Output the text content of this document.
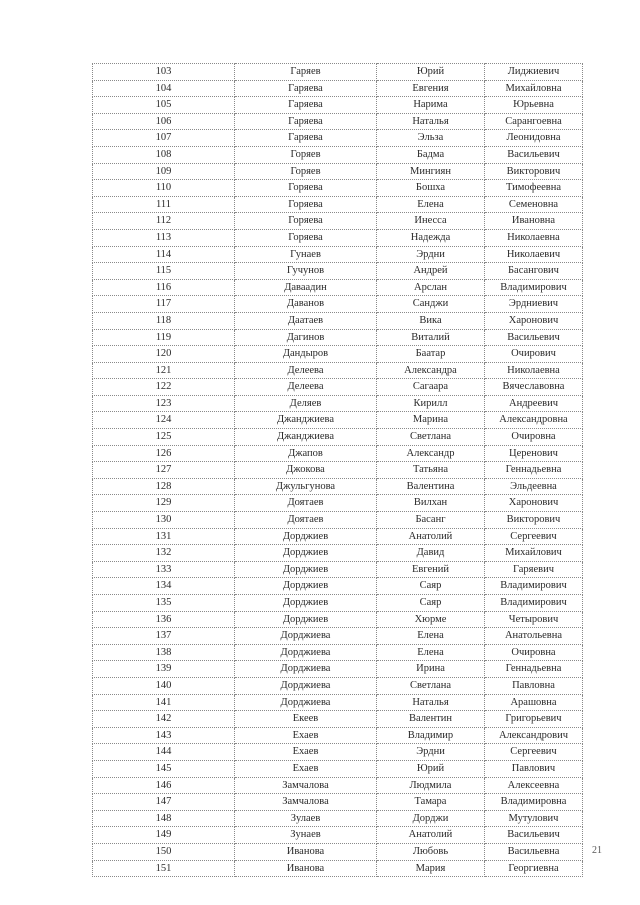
103	Гаряев	Юрий	Лиджиевич
104	Гаряева	Евгения	Михайловна
105	Гаряева	Нарима	Юрьевна
106	Гаряева	Наталья	Сарангоевна
107	Гаряева	Эльза	Леонидовна
108	Горяев	Бадма	Васильевич
109	Горяев	Мингиян	Викторович
110	Горяева	Бошха	Тимофеевна
111	Горяева	Елена	Семеновна
112	Горяева	Инесса	Ивановна
113	Горяева	Надежда	Николаевна
114	Гунаев	Эрдни	Николаевич
115	Гучунов	Андрей	Басангович
116	Даваадин	Арслан	Владимирович
117	Даванов	Санджи	Эрдниевич
118	Даатаев	Вика	Харонович
119	Дагинов	Виталий	Васильевич
120	Дандыров	Баатар	Очирович
121	Делеева	Александра	Николаевна
122	Делеева	Сагаара	Вячеславовна
123	Деляев	Кирилл	Андреевич
124	Джанджиева	Марина	Александровна
125	Джанджиева	Светлана	Очировна
126	Джапов	Александр	Церенович
127	Джокова	Татьяна	Геннадьевна
128	Джульгунова	Валентина	Эльдеевна
129	Доятаев	Вилхан	Харонович
130	Доятаев	Басанг	Викторович
131	Дорджиев	Анатолий	Сергеевич
132	Дорджиев	Давид	Михайлович
133	Дорджиев	Евгений	Гаряевич
134	Дорджиев	Саяр	Владимирович
135	Дорджиев	Саяр	Владимирович
136	Дорджиев	Хюрме	Четырович
137	Дорджиева	Елена	Анатольевна
138	Дорджиева	Елена	Очировна
139	Дорджиева	Ирина	Геннадьевна
140	Дорджиева	Светлана	Павловна
141	Дорджиева	Наталья	Арашовна
142	Екеев	Валентин	Григорьевич
143	Ехаев	Владимир	Александрович
144	Ехаев	Эрдни	Сергеевич
145	Ехаев	Юрий	Павлович
146	Замчалова	Людмила	Алексеевна
147	Замчалова	Тамара	Владимировна
148	Зулаев	Дорджи	Мутулович
149	Зунаев	Анатолий	Васильевич
150	Иванова	Любовь	Васильевна
151	Иванова	Мария	Георгиевна
21
